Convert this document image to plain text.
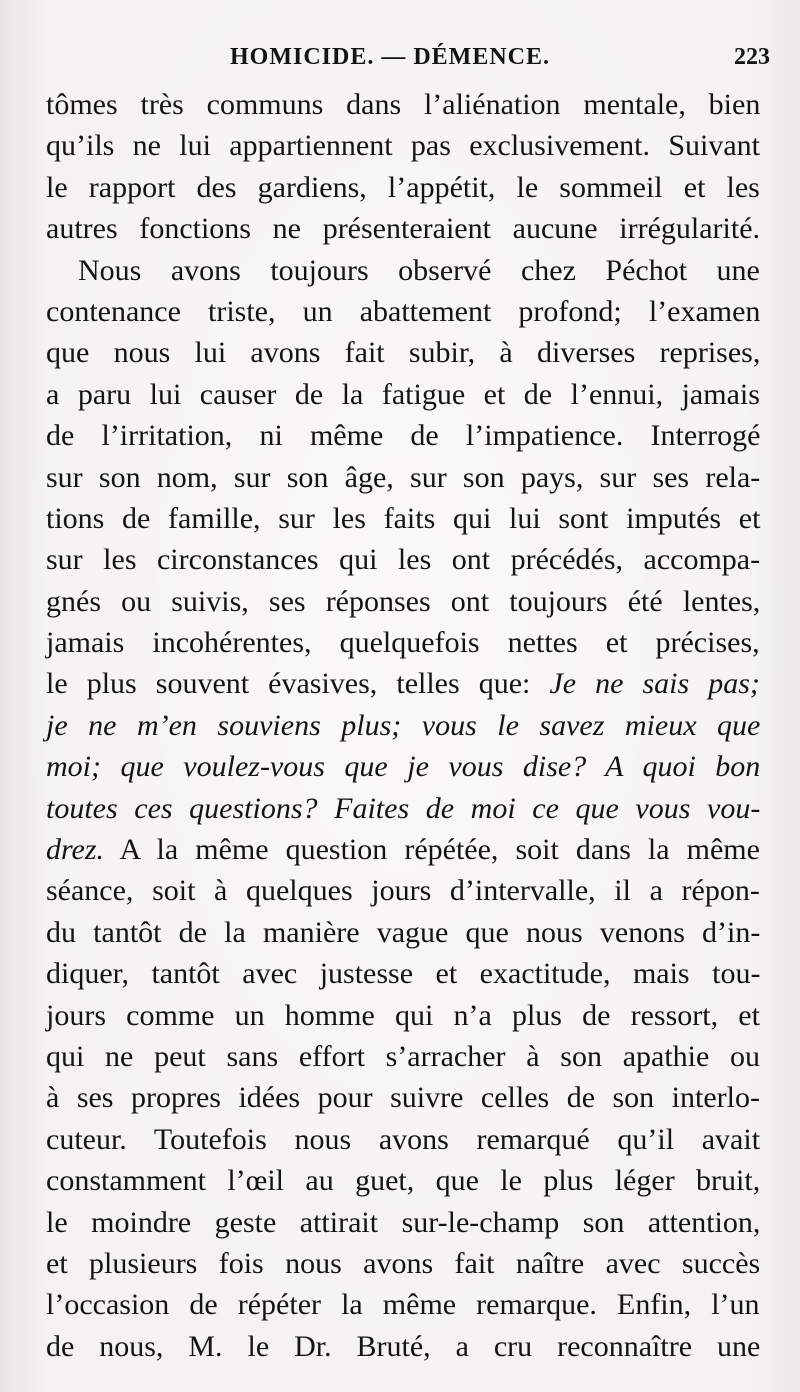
HOMICIDE. — DÉMENCE.	223
tômes très communs dans l’aliénation mentale, bien
qu’ils ne lui appartiennent pas exclusivement. Suivant
le rapport des gardiens, l’appétit, le sommeil et les
autres fonctions ne présenteraient aucune irrégularité.
Nous avons toujours observé chez Péchot une
contenance triste, un abattement profond; l’examen
que nous lui avons fait subir, à diverses reprises,
a paru lui causer de la fatigue et de l’ennui, jamais
de l’irritation, ni même de l’impatience. Interrogé
sur son nom, sur son âge, sur son pays, sur ses rela-
tions de famille, sur les faits qui lui sont imputés et
sur les circonstances qui les ont précédés, accompa-
gnés ou suivis, ses réponses ont toujours été lentes,
jamais incohérentes, quelquefois nettes et précises,
le plus souvent évasives, telles que: Je ne sais pas;
je ne m’en souviens plus; vous le savez mieux que
moi; que voulez-vous que je vous dise? A quoi bon
toutes ces questions? Faites de moi ce que vous vou-
drez. A la même question répétée, soit dans la même
séance, soit à quelques jours d’intervalle, il a répon-
du tantôt de la manière vague que nous venons d’in-
diquer, tantôt avec justesse et exactitude, mais tou-
jours comme un homme qui n’a plus de ressort, et
qui ne peut sans effort s’arracher à son apathie ou
à ses propres idées pour suivre celles de son interlo-
cuteur. Toutefois nous avons remarqué qu’il avait
constamment l’œil au guet, que le plus léger bruit,
le moindre geste attirait sur-le-champ son attention,
et plusieurs fois nous avons fait naître avec succès
l’occasion de répéter la même remarque. Enfin, l’un
de nous, M. le Dr. Bruté, a cru reconnaître une
